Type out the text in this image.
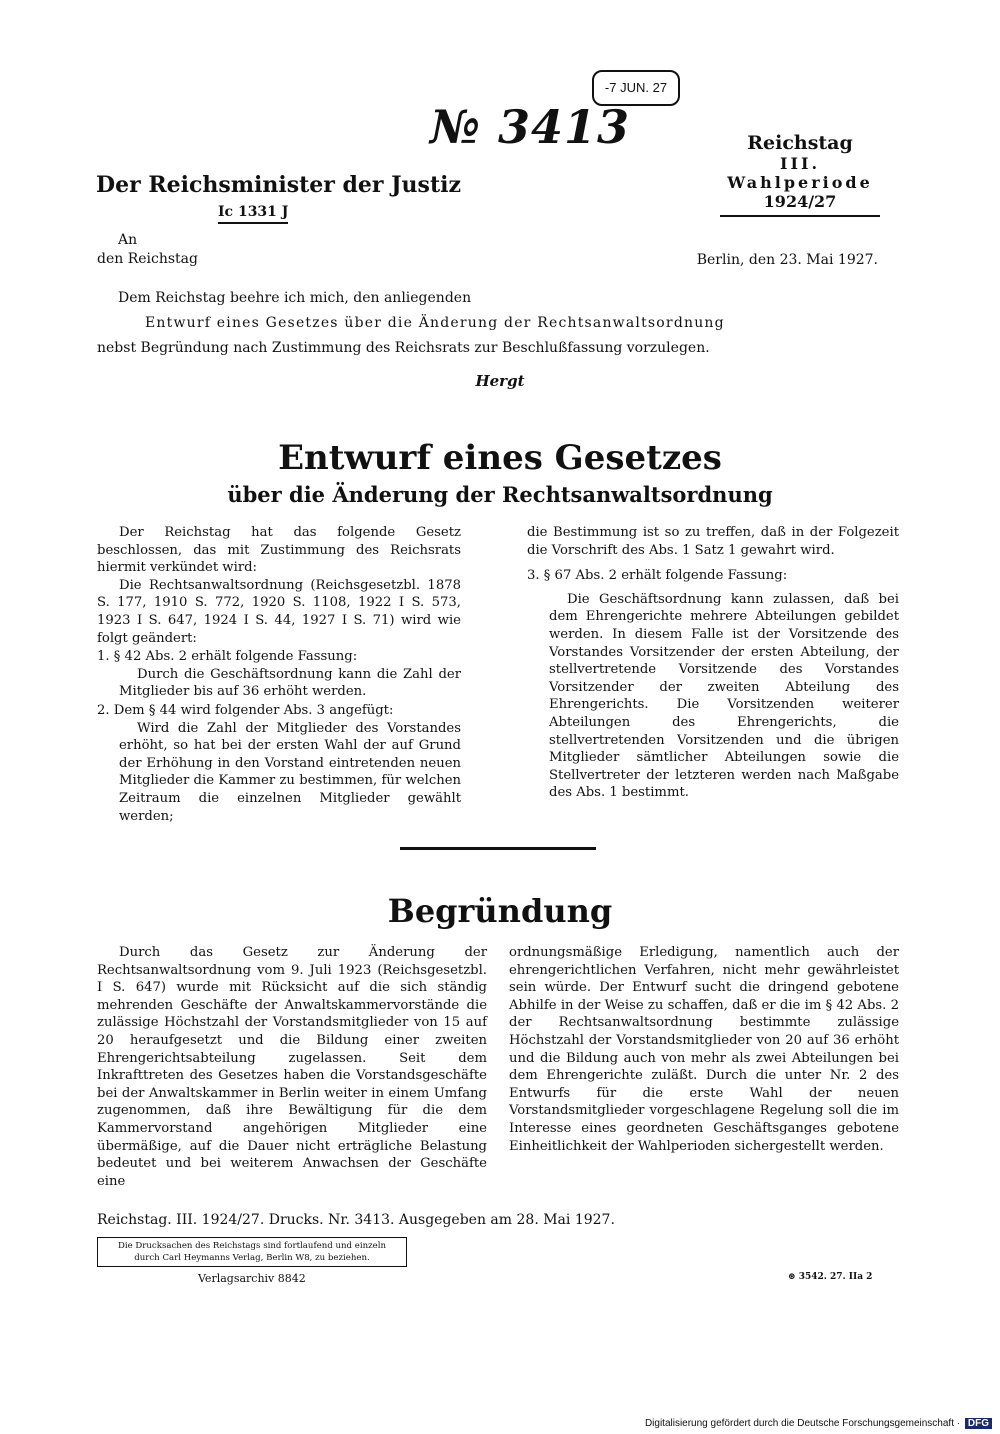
-7 JUN. 27
№ 3413	Reichstag
III. Wahlperiode
1924/27
Der Reichsminister der Justiz
Ic 1331 J
An
den Reichstag	Berlin, den 23. Mai 1927.
Dem Reichstag beehre ich mich, den anliegenden
Entwurf eines Gesetzes über die Änderung der Rechtsanwaltsordnung
nebst Begründung nach Zustimmung des Reichsrats zur Beschlußfassung vorzulegen.
Hergt
Entwurf eines Gesetzes
über die Änderung der Rechtsanwaltsordnung

Der Reichstag hat das folgende Gesetz beschlossen, das mit Zustimmung des Reichsrats hiermit verkündet wird:

Die Rechtsanwaltsordnung (Reichsgesetzbl. 1878 S. 177, 1910 S. 772, 1920 S. 1108, 1922 I S. 573, 1923 I S. 647, 1924 I S. 44, 1927 I S. 71) wird wie folgt geändert:

1. § 42 Abs. 2 erhält folgende Fassung:

Durch die Geschäftsordnung kann die Zahl der Mitglieder bis auf 36 erhöht werden.

2. Dem § 44 wird folgender Abs. 3 angefügt:

Wird die Zahl der Mitglieder des Vorstandes erhöht, so hat bei der ersten Wahl der auf Grund der Erhöhung in den Vorstand eintretenden neuen Mitglieder die Kammer zu bestimmen, für welchen Zeitraum die einzelnen Mitglieder gewählt werden;

die Bestimmung ist so zu treffen, daß in der Folgezeit die Vorschrift des Abs. 1 Satz 1 gewahrt wird.

3. § 67 Abs. 2 erhält folgende Fassung:

Die Geschäftsordnung kann zulassen, daß bei dem Ehrengerichte mehrere Abteilungen gebildet werden. In diesem Falle ist der Vorsitzende des Vorstandes Vorsitzender der ersten Abteilung, der stellvertretende Vorsitzende des Vorstandes Vorsitzender der zweiten Abteilung des Ehrengerichts. Die Vorsitzenden weiterer Abteilungen des Ehrengerichts, die stellvertretenden Vorsitzenden und die übrigen Mitglieder sämtlicher Abteilungen sowie die Stellvertreter der letzteren werden nach Maßgabe des Abs. 1 bestimmt.

Begründung

Durch das Gesetz zur Änderung der Rechtsanwaltsordnung vom 9. Juli 1923 (Reichsgesetzbl. I S. 647) wurde mit Rücksicht auf die sich ständig mehrenden Geschäfte der Anwaltskammervorstände die zulässige Höchstzahl der Vorstandsmitglieder von 15 auf 20 heraufgesetzt und die Bildung einer zweiten Ehrengerichtsabteilung zugelassen. Seit dem Inkrafttreten des Gesetzes haben die Vorstandsgeschäfte bei der Anwaltskammer in Berlin weiter in einem Umfang zugenommen, daß ihre Bewältigung für die dem Kammervorstand angehörigen Mitglieder eine übermäßige, auf die Dauer nicht erträgliche Belastung bedeutet und bei weiterem Anwachsen der Geschäfte eine

ordnungsmäßige Erledigung, namentlich auch der ehrengerichtlichen Verfahren, nicht mehr gewährleistet sein würde. Der Entwurf sucht die dringend gebotene Abhilfe in der Weise zu schaffen, daß er die im § 42 Abs. 2 der Rechtsanwaltsordnung bestimmte zulässige Höchstzahl der Vorstandsmitglieder von 20 auf 36 erhöht und die Bildung auch von mehr als zwei Abteilungen bei dem Ehrengerichte zuläßt. Durch die unter Nr. 2 des Entwurfs für die erste Wahl der neuen Vorstandsmitglieder vorgeschlagene Regelung soll die im Interesse eines geordneten Geschäftsganges gebotene Einheitlichkeit der Wahlperioden sichergestellt werden.

Reichstag. III. 1924/27. Drucks. Nr. 3413. Ausgegeben am 28. Mai 1927.
Die Drucksachen des Reichstags sind fortlaufend und einzeln
durch Carl Heymanns Verlag, Berlin W8, zu beziehen.
Verlagsarchiv 8842	⊛ 3542. 27. IIa 2
Digitalisierung gefördert durch die Deutsche Forschungsgemeinschaft · DFG
